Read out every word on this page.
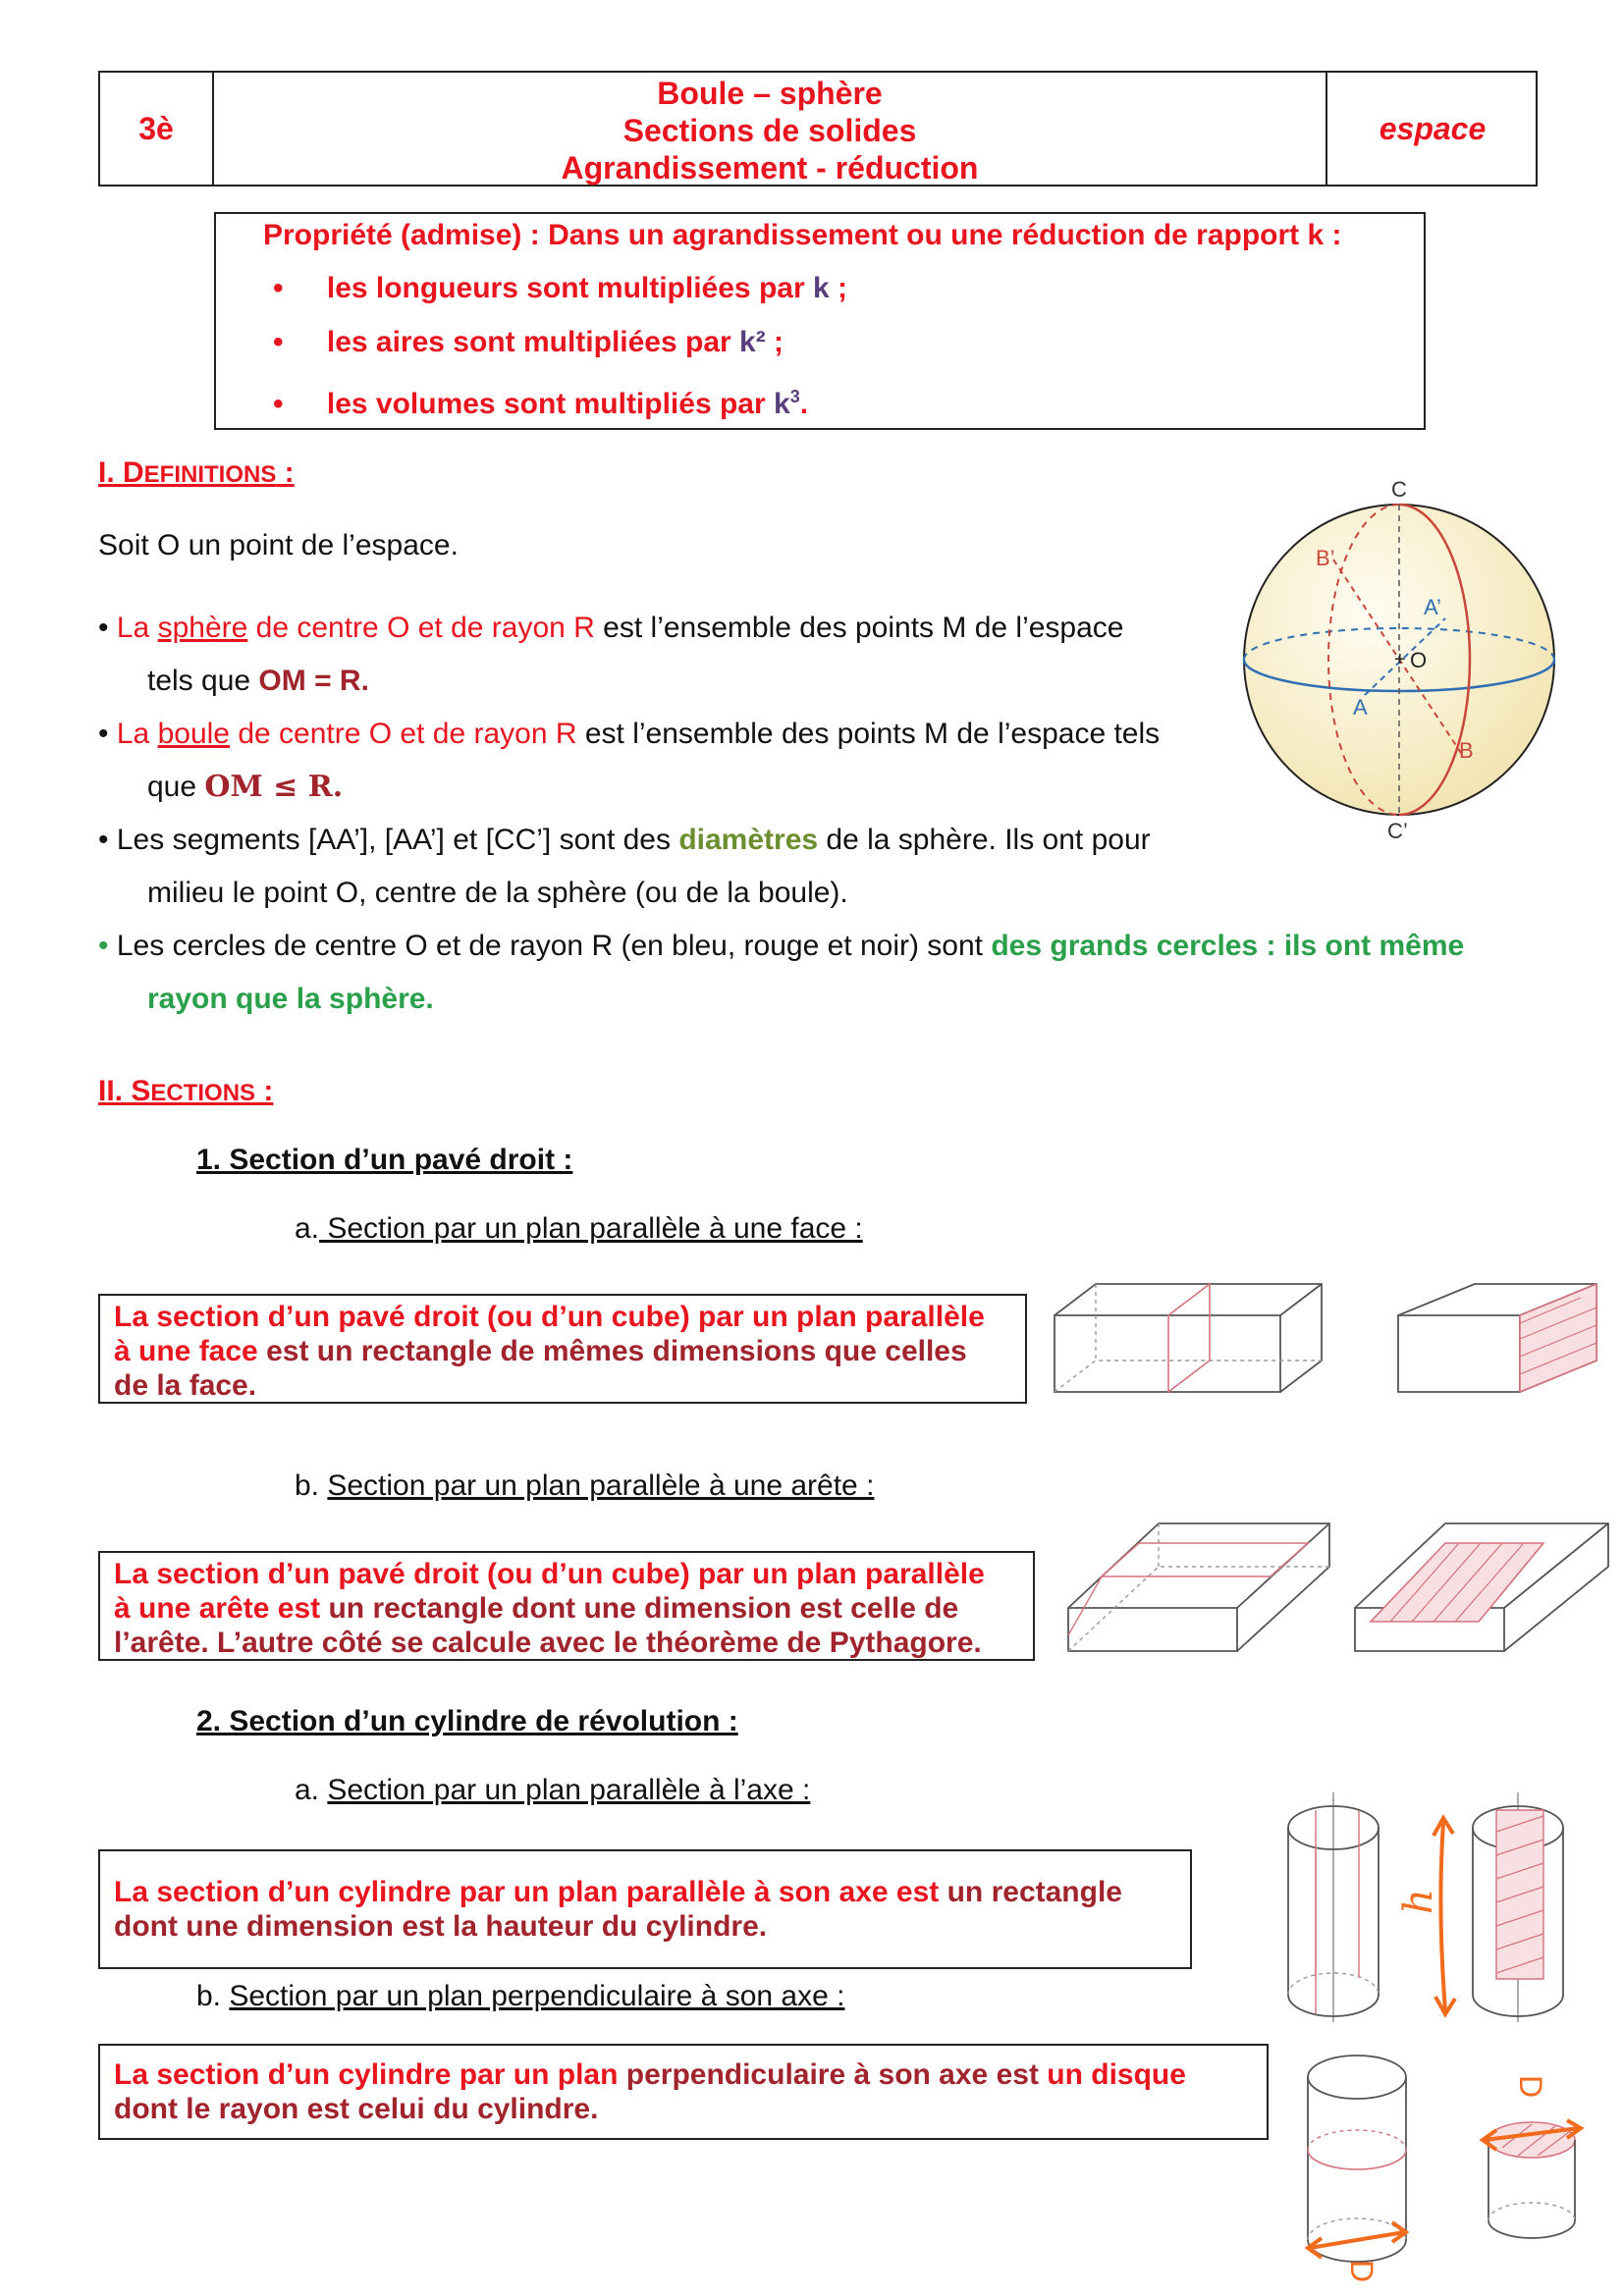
3è
Boule – sphère
Sections de solides
Agrandissement - réduction
espace
Propriété (admise) : Dans un agrandissement ou une réduction de rapport k :
• les longueurs sont multipliées par k ;
• les aires sont multipliées par k² ;
• les volumes sont multipliés par $k^3$.
I. DEFINITIONS :
Soit O un point de l’espace.
• La sphère de centre O et de rayon R est l’ensemble des points M de l’espace
tels que OM = R.
• La boule de centre O et de rayon R est l’ensemble des points M de l’espace tels
que OM ≤ R.
• Les segments [AA’], [AA’] et [CC’] sont des diamètres de la sphère. Ils ont pour
milieu le point O, centre de la sphère (ou de la boule).
• Les cercles de centre O et de rayon R (en bleu, rouge et noir) sont des grands cercles : ils ont même
rayon que la sphère.
C
C’
B’
A’
+ O
A
B
II. SECTIONS :
1. Section d’un pavé droit :
a. Section par un plan parallèle à une face :
La section d’un pavé droit (ou d’un cube) par un plan parallèle
à une face est un rectangle de mêmes dimensions que celles
de la face.
b. Section par un plan parallèle à une arête :
La section d’un pavé droit (ou d’un cube) par un plan parallèle
à une arête est un rectangle dont une dimension est celle de
l’arête. L’autre côté se calcule avec le théorème de Pythagore.
2. Section d’un cylindre de révolution :
a. Section par un plan parallèle à l’axe :
La section d’un cylindre par un plan parallèle à son axe est un rectangle
dont une dimension est la hauteur du cylindre.
b. Section par un plan perpendiculaire à son axe :
La section d’un cylindre par un plan perpendiculaire à son axe est un disque
dont le rayon est celui du cylindre.
h
D
D
